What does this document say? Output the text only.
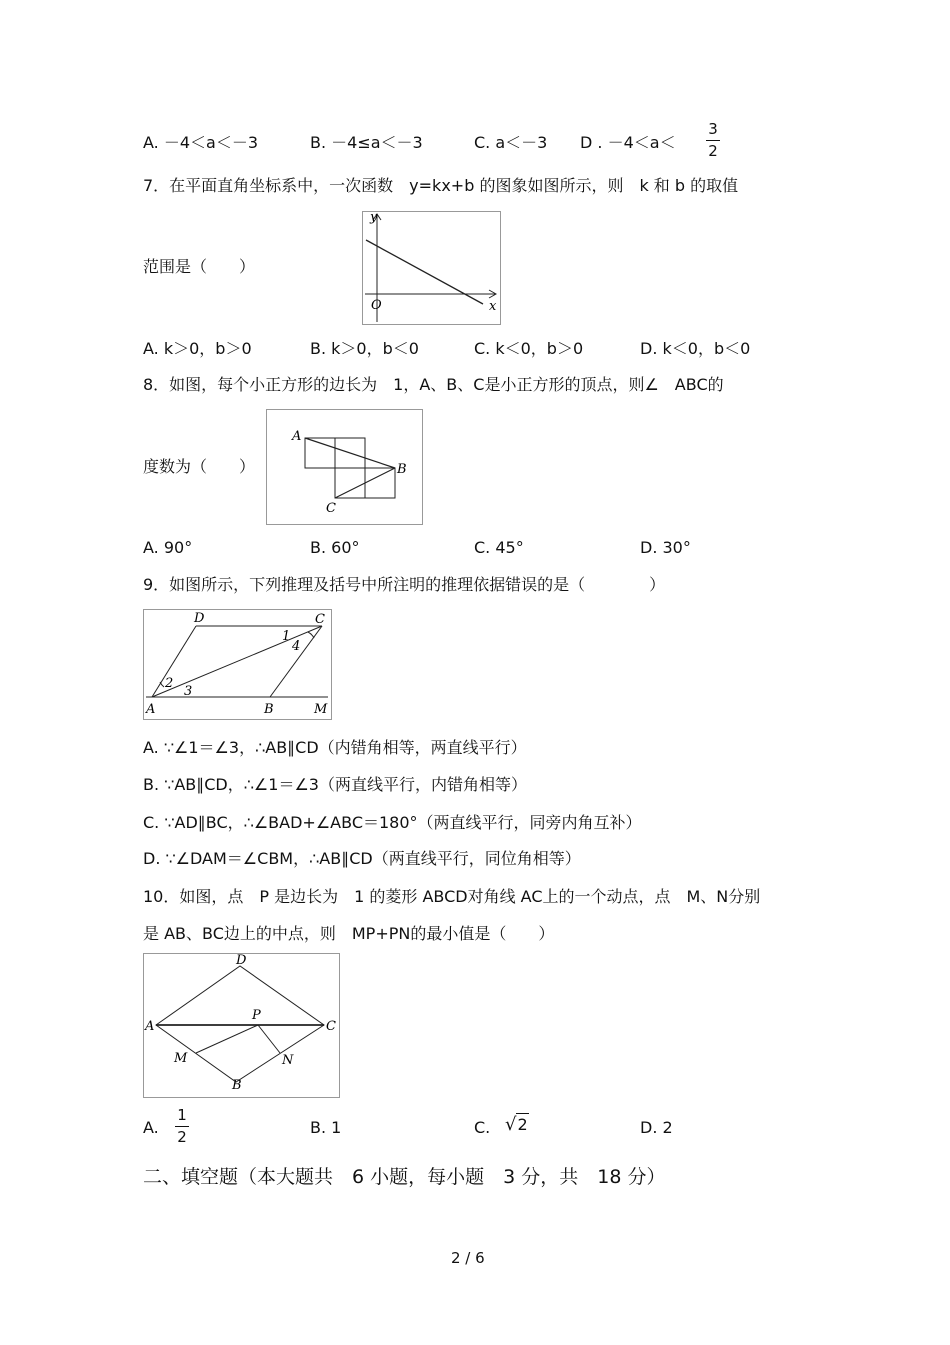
A. －4＜a＜－3	B. －4≤a＜－3	C. a＜－3 D . －4＜a＜
3
2
7．在平面直角坐标系中，一次函数　y=kx+b 的图象如图所示，则　k 和 b 的取值
范围是（　　）
y
x
O
A. k＞0，b＞0	B. k＞0，b＜0	C. k＜0，b＞0	D. k＜0，b＜0
8．如图，每个小正方形的边长为　1，A、B、C是小正方形的顶点，则∠　ABC的
度数为（　　）
A
B
C
A. 90°	B. 60°	C. 45°	D. 30°
9．如图所示，下列推理及括号中所注明的推理依据错误的是（　　　　）
A	B
C
D
M
1
2
3
4
A. ∵∠1＝∠3，∴AB∥CD（内错角相等，两直线平行）
B. ∵AB∥CD，∴∠1＝∠3（两直线平行，内错角相等）
C. ∵AD∥BC，∴∠BAD+∠ABC＝180°（两直线平行，同旁内角互补）
D. ∵∠DAM＝∠CBM，∴AB∥CD（两直线平行，同位角相等）
10．如图，点　P 是边长为　1 的菱形 ABCD对角线 AC上的一个动点，点　M、N分别
是 AB、BC边上的中点，则　MP+PN的最小值是（　　）
A
B
C
D
P
M	N
A.
1
2	B. 1	C. √2	D. 2
二、填空题（本大题共　6 小题，每小题　3 分，共　18 分）
2 / 6
